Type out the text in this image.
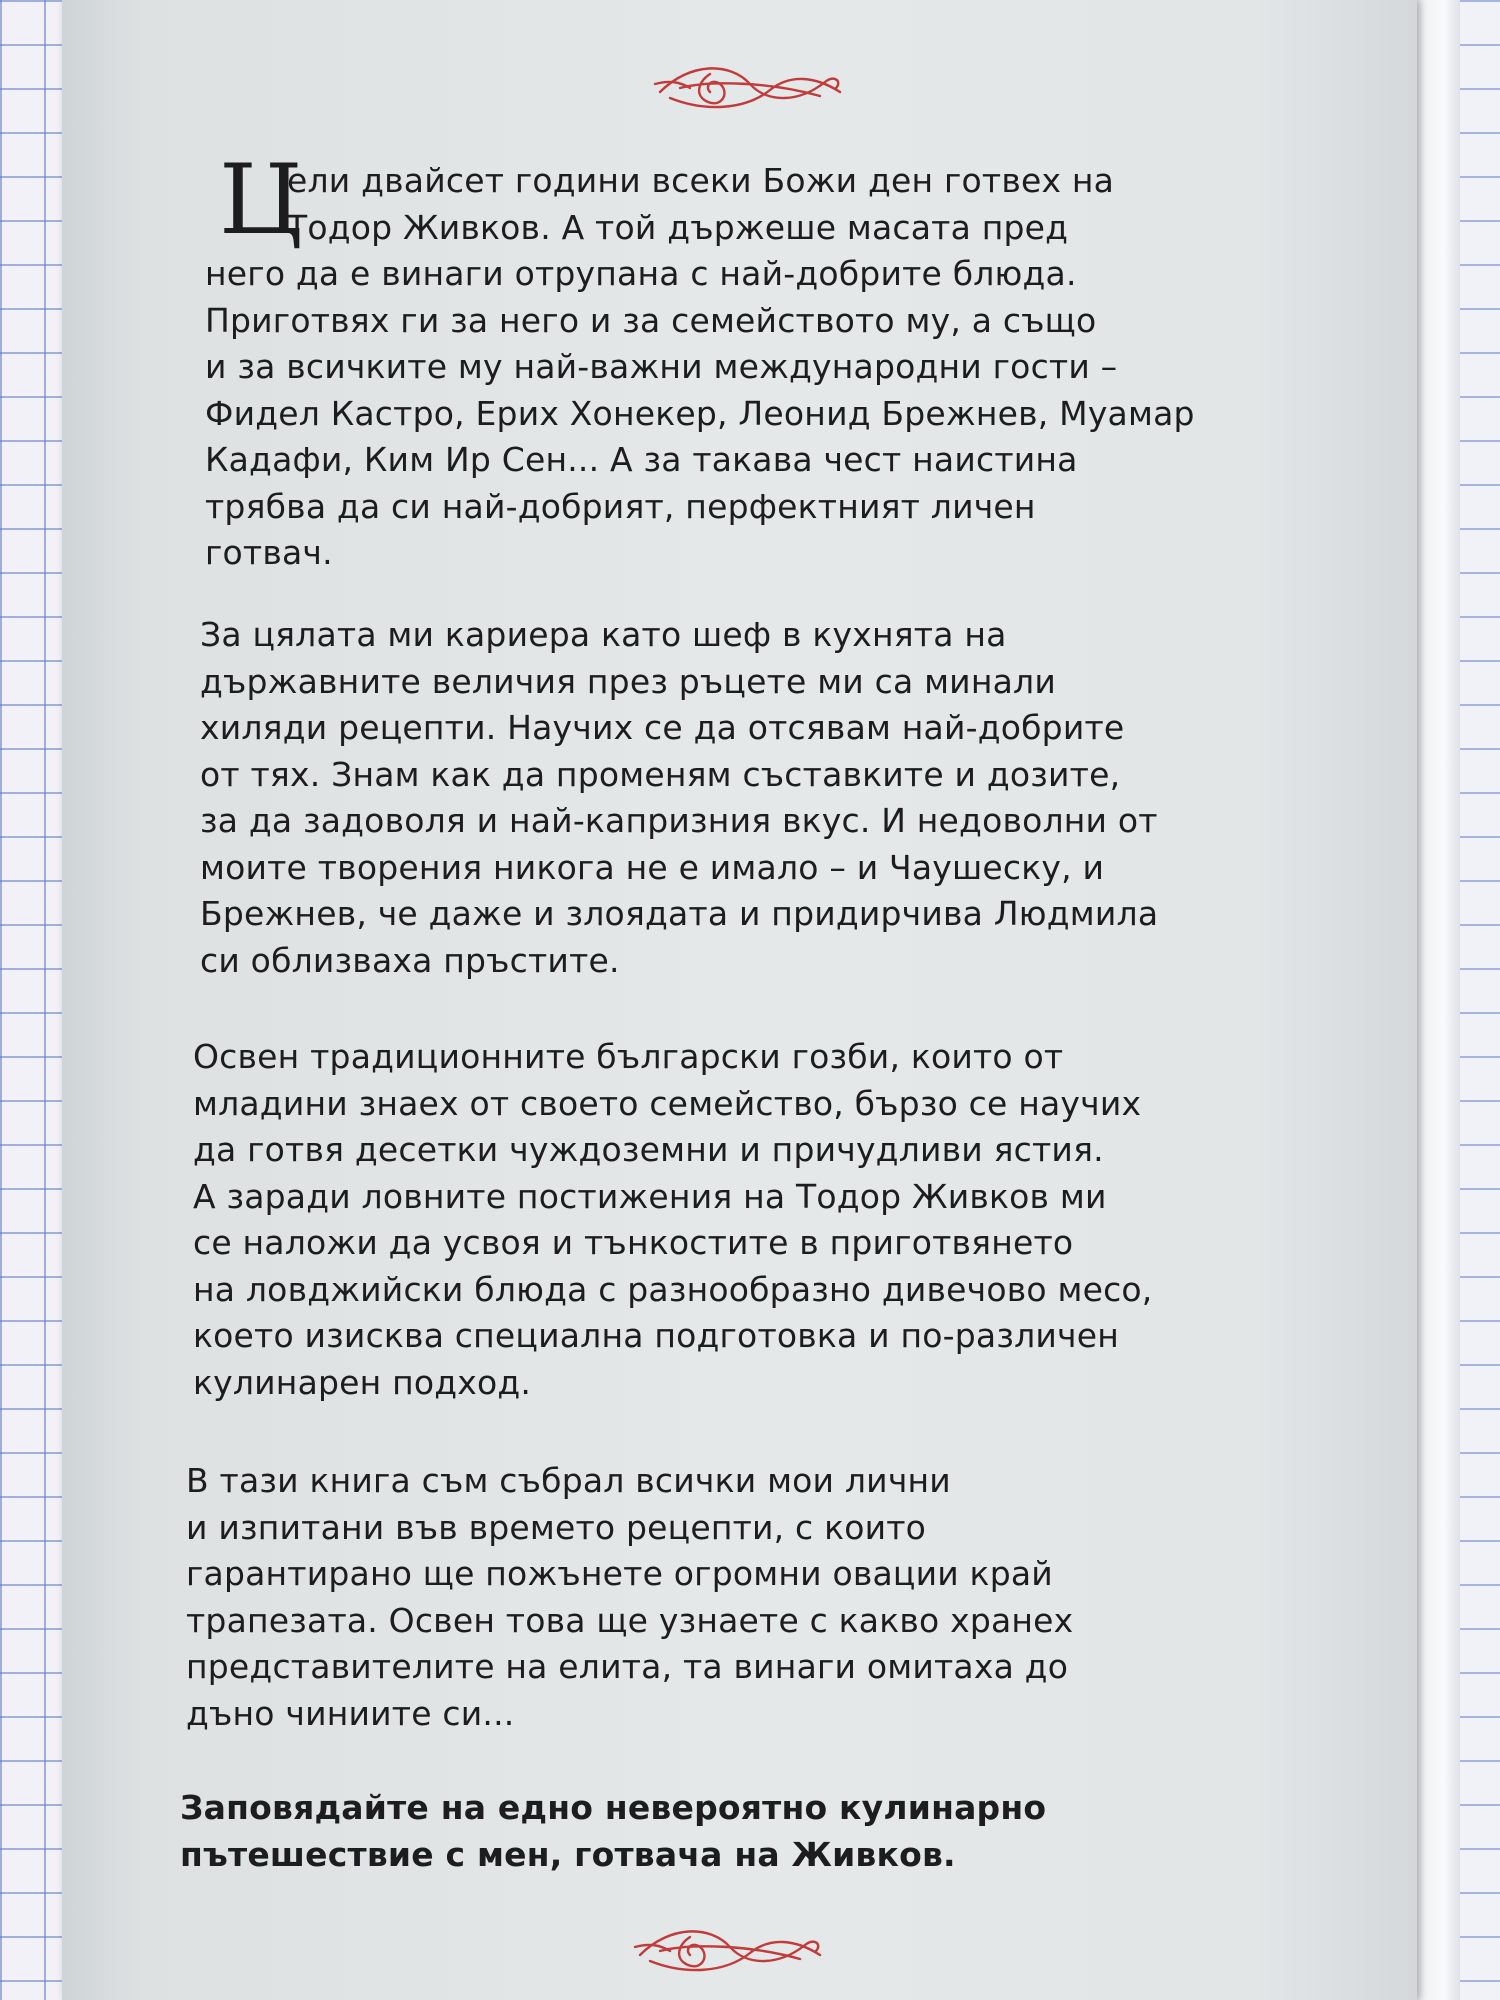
Ц
ели двайсет години всеки Божи ден готвех на
Тодор Живков. А той държеше масата пред
него да е винаги отрупана с най-добрите блюда.
Приготвях ги за него и за семейството му, а също
и за всичките му най-важни международни гости –
Фидел Кастро, Ерих Хонекер, Леонид Брежнев, Муамар
Кадафи, Ким Ир Сен... А за такава чест наистина
трябва да си най-добрият, перфектният личен
готвач.
За цялата ми кариера като шеф в кухнята на
държавните величия през ръцете ми са минали
хиляди рецепти. Научих се да отсявам най-добрите
от тях. Знам как да променям съставките и дозите,
за да задоволя и най-капризния вкус. И недоволни от
моите творения никога не е имало – и Чаушеску, и
Брежнев, че даже и злоядата и придирчива Людмила
си облизваха пръстите.
Освен традиционните български гозби, които от
младини знаех от своето семейство, бързо се научих
да готвя десетки чуждоземни и причудливи ястия.
А заради ловните постижения на Тодор Живков ми
се наложи да усвоя и тънкостите в приготвянето
на ловджийски блюда с разнообразно дивечово месо,
което изисква специална подготовка и по-различен
кулинарен подход.
В тази книга съм събрал всички мои лични
и изпитани във времето рецепти, с които
гарантирано ще пожънете огромни овации край
трапезата. Освен това ще узнаете с какво хранех
представителите на елита, та винаги омитаха до
дъно чиниите си...
Заповядайте на едно невероятно кулинарно
пътешествие с мен, готвача на Живков.
